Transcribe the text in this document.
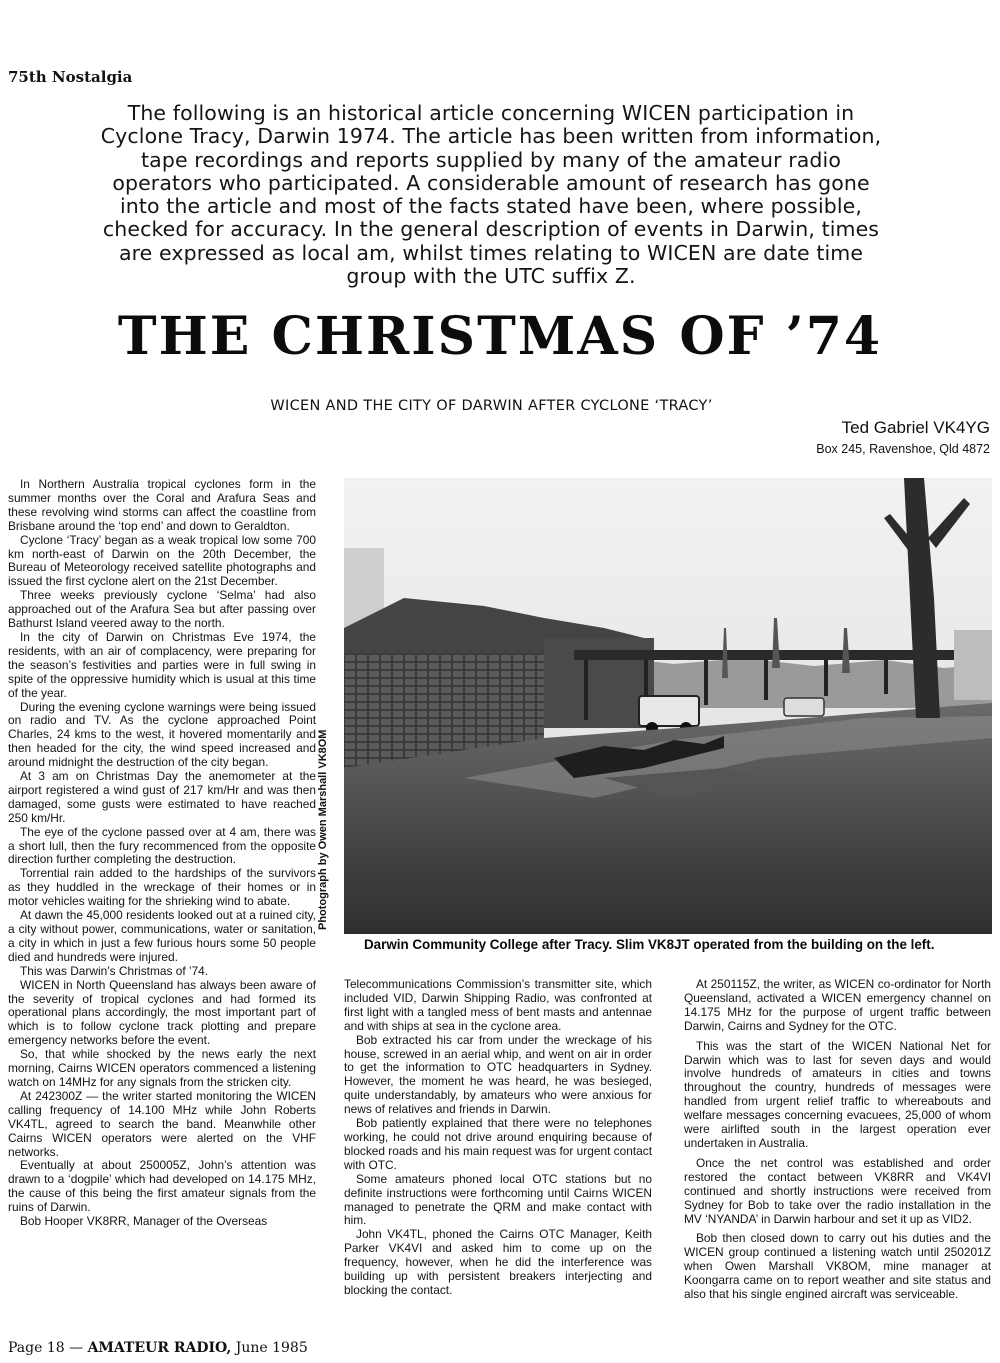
75th Nostalgia
The following is an historical article concerning WICEN participation in Cyclone Tracy, Darwin 1974. The article has been written from information, tape recordings and reports supplied by many of the amateur radio operators who participated. A considerable amount of research has gone into the article and most of the facts stated have been, where possible, checked for accuracy. In the general description of events in Darwin, times are expressed as local am, whilst times relating to WICEN are date time group with the UTC suffix Z.
THE CHRISTMAS OF ’74
WICEN AND THE CITY OF DARWIN AFTER CYCLONE ‘TRACY’
Ted Gabriel VK4YG
Box 245, Ravenshoe, Qld 4872

In Northern Australia tropical cyclones form in the summer months over the Coral and Arafura Seas and these revolving wind storms can affect the coastline from Brisbane around the ‘top end’ and down to Geraldton.

Cyclone ‘Tracy’ began as a weak tropical low some 700 km north-east of Darwin on the 20th December, the Bureau of Meteorology received satellite photographs and issued the first cyclone alert on the 21st December.

Three weeks previously cyclone ‘Selma’ had also approached out of the Arafura Sea but after passing over Bathurst Island veered away to the north.

In the city of Darwin on Christmas Eve 1974, the residents, with an air of complacency, were preparing for the season’s festivities and parties were in full swing in spite of the oppressive humidity which is usual at this time of the year.

During the evening cyclone warnings were being issued on radio and TV. As the cyclone approached Point Charles, 24 kms to the west, it hovered momentarily and then headed for the city, the wind speed increased and around midnight the destruction of the city began.

At 3 am on Christmas Day the anemometer at the airport registered a wind gust of 217 km/Hr and was then damaged, some gusts were estimated to have reached 250 km/Hr.

The eye of the cyclone passed over at 4 am, there was a short lull, then the fury recommenced from the opposite direction further completing the destruction.

Torrential rain added to the hardships of the survivors as they huddled in the wreckage of their homes or in motor vehicles waiting for the shrieking wind to abate.

At dawn the 45,000 residents looked out at a ruined city, a city without power, communications, water or sanitation, a city in which in just a few furious hours some 50 people died and hundreds were injured.

This was Darwin’s Christmas of ’74.

WICEN in North Queensland has always been aware of the severity of tropical cyclones and had formed its operational plans accordingly, the most important part of which is to follow cyclone track plotting and prepare emergency networks before the event.

So, that while shocked by the news early the next morning, Cairns WICEN operators commenced a listening watch on 14MHz for any signals from the stricken city.

At 242300Z — the writer started monitoring the WICEN calling frequency of 14.100 MHz while John Roberts VK4TL, agreed to search the band. Meanwhile other Cairns WICEN operators were alerted on the VHF networks.

Eventually at about 250005Z, John’s attention was drawn to a ‘dogpile’ which had developed on 14.175 MHz, the cause of this being the first amateur signals from the ruins of Darwin.

Bob Hooper VK8RR, Manager of the Overseas

Photograph by Owen Marshall VK8OM
Darwin Community College after Tracy. Slim VK8JT operated from the building on the left.

Telecommunications Commission’s transmitter site, which included VID, Darwin Shipping Radio, was confronted at first light with a tangled mess of bent masts and antennae and with ships at sea in the cyclone area.

Bob extracted his car from under the wreckage of his house, screwed in an aerial whip, and went on air in order to get the information to OTC headquarters in Sydney. However, the moment he was heard, he was besieged, quite understandably, by amateurs who were anxious for news of relatives and friends in Darwin.

Bob patiently explained that there were no telephones working, he could not drive around enquiring because of blocked roads and his main request was for urgent contact with OTC.

Some amateurs phoned local OTC stations but no definite instructions were forthcoming until Cairns WICEN managed to penetrate the QRM and make contact with him.

John VK4TL, phoned the Cairns OTC Manager, Keith Parker VK4VI and asked him to come up on the frequency, however, when he did the interference was building up with persistent breakers interjecting and blocking the contact.

At 250115Z, the writer, as WICEN co-ordinator for North Queensland, activated a WICEN emergency channel on 14.175 MHz for the purpose of urgent traffic between Darwin, Cairns and Sydney for the OTC.

This was the start of the WICEN National Net for Darwin which was to last for seven days and would involve hundreds of amateurs in cities and towns throughout the country, hundreds of messages were handled from urgent relief traffic to whereabouts and welfare messages concerning evacuees, 25,000 of whom were airlifted south in the largest operation ever undertaken in Australia.

Once the net control was established and order restored the contact between VK8RR and VK4VI continued and shortly instructions were received from Sydney for Bob to take over the radio installation in the MV ‘NYANDA’ in Darwin harbour and set it up as VID2.

Bob then closed down to carry out his duties and the WICEN group continued a listening watch until 250201Z when Owen Marshall VK8OM, mine manager at Koongarra came on to report weather and site status and also that his single engined aircraft was serviceable.

Page 18 — AMATEUR RADIO, June 1985
